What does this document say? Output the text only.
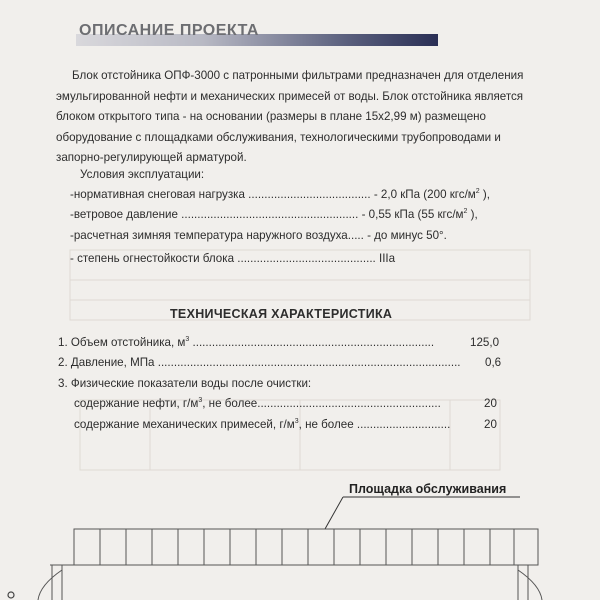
ОПИСАНИЕ ПРОЕКТА

Блок отстойника ОПФ-3000 с патронными фильтрами предназначен для отделения эмульгированной нефти и механических примесей от воды. Блок отстойника является блоком открытого типа - на основании (размеры в плане 15х2,99 м) размещено оборудование с площадками обслуживания, технологическими трубопроводами и запорно-регулирующей арматурой.

Условия эксплуатации:
-нормативная снеговая нагрузка ...................................... - 2,0 кПа (200 кгс/$м^2$ ),
-ветровое давление ....................................................... - 0,55 кПа (55 кгс/$м^2$ ),
-расчетная зимняя температура наружного воздуха..... - до минус 50°.
- степень огнестойкости блока ........................................... IIIa
ТЕХНИЧЕСКАЯ ХАРАКТЕРИСТИКА
1. Объем отстойника, $м^3$ ...........................................................................	125,0
2. Давление, МПа .............................................................................................. 0,6
3. Физические показатели воды после очистки:
содержание нефти, $г/м^3$, не более.........................................................	20
содержание механических примесей, $г/м^3$, не более .............................	20
Площадка обслуживания
